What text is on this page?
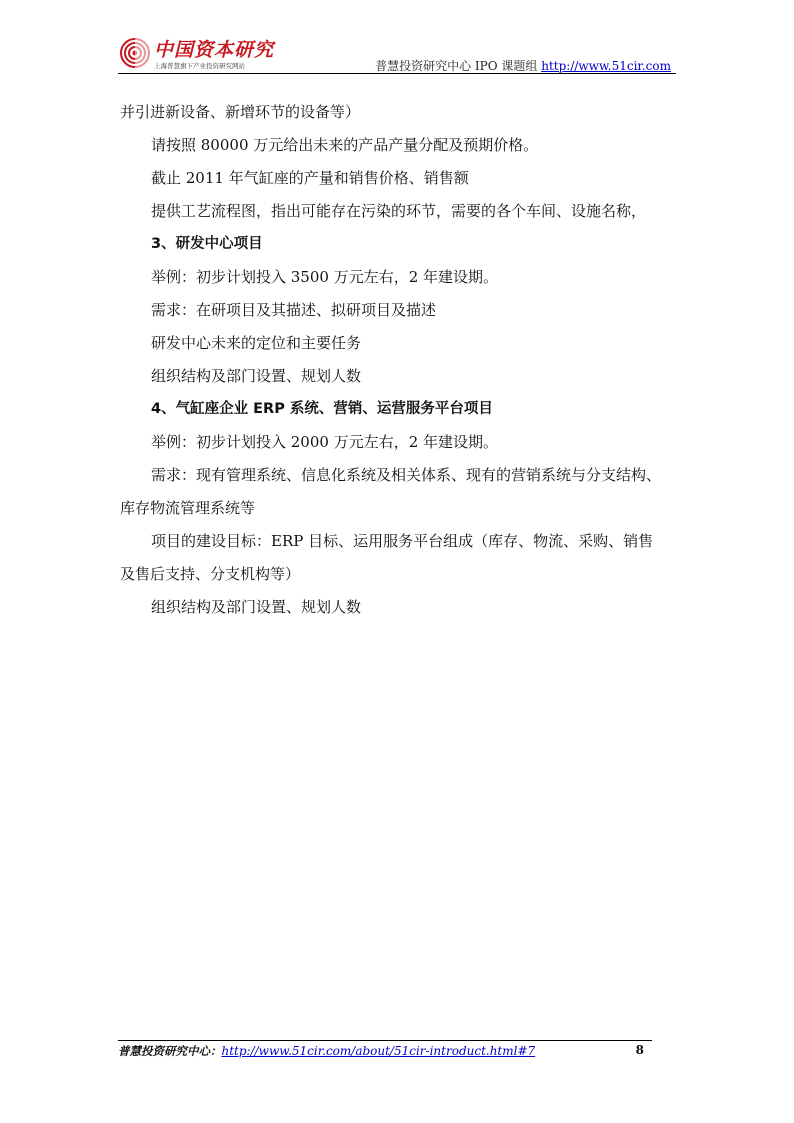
中国资本研究
上海普慧旗下产业投资研究网站	普慧投资研究中心 IPO 课题组 http://www.51cir.com

并引进新设备、新增环节的设备等）

请按照 80000 万元给出未来的产品产量分配及预期价格。

截止 2011 年气缸座的产量和销售价格、销售额

提供工艺流程图，指出可能存在污染的环节，需要的各个车间、设施名称，

3、研发中心项目

举例：初步计划投入 3500 万元左右，2 年建设期。

需求：在研项目及其描述、拟研项目及描述

研发中心未来的定位和主要任务

组织结构及部门设置、规划人数

4、气缸座企业 ERP 系统、营销、运营服务平台项目

举例：初步计划投入 2000 万元左右，2 年建设期。

需求：现有管理系统、信息化系统及相关体系、现有的营销系统与分支结构、

库存物流管理系统等

项目的建设目标：ERP 目标、运用服务平台组成（库存、物流、采购、销售

及售后支持、分支机构等）

组织结构及部门设置、规划人数

普慧投资研究中心：http://www.51cir.com/about/51cir-introduct.html#7	8
